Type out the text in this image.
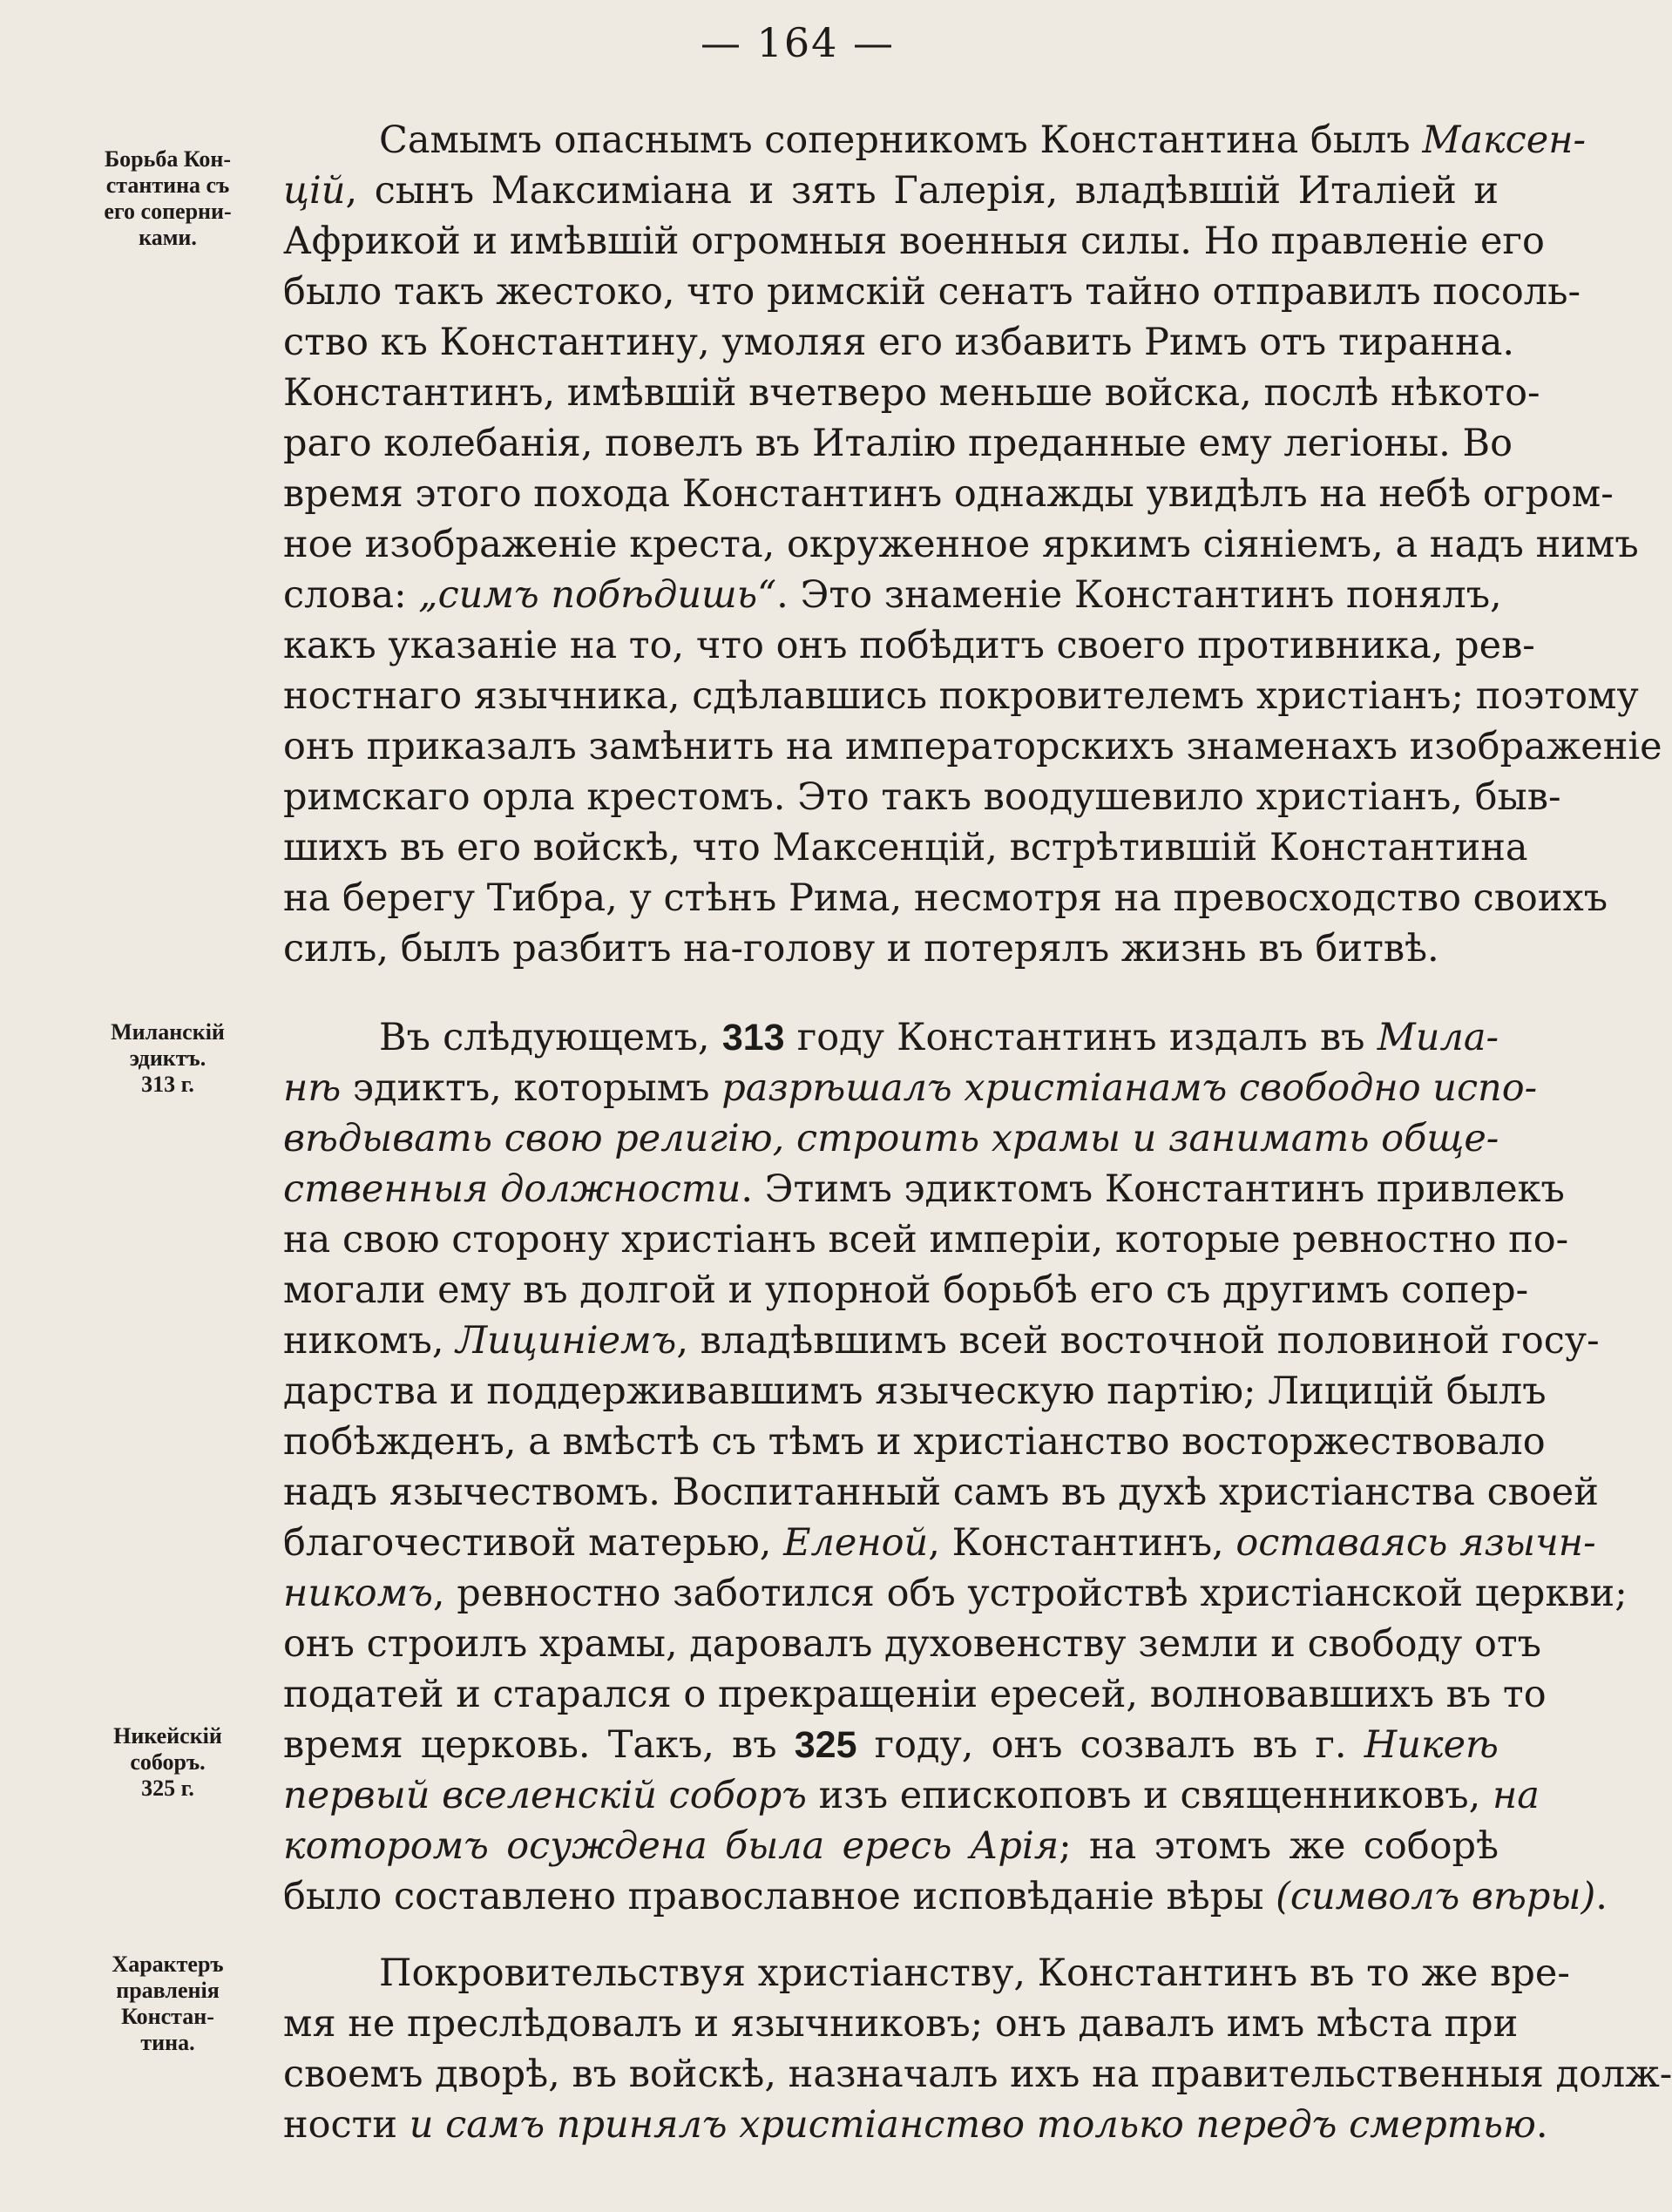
— 164 —
Борьба Кон-
стантина съ
его соперни-
ками.
Миланскій
эдиктъ.
313 г.
Никейскій
соборъ.
325 г.
Характеръ
правленія
Констан-
тина.
Самымъ опаснымъ соперникомъ Константина былъ Максен-
цій, сынъ Максиміана и зять Галерія, владѣвшій Италіей и
Африкой и имѣвшій огромныя военныя силы. Но правленіе его
было такъ жестоко, что римскій сенатъ тайно отправилъ посоль-
ство къ Константину, умоляя его избавить Римъ отъ тиранна.
Константинъ, имѣвшій вчетверо меньше войска, послѣ нѣкото-
раго колебанія, повелъ въ Италію преданные ему легіоны. Во
время этого похода Константинъ однажды увидѣлъ на небѣ огром-
ное изображеніе креста, окруженное яркимъ сіяніемъ, а надъ нимъ
слова: „симъ побѣдишь“. Это знаменіе Константинъ понялъ,
какъ указаніе на то, что онъ побѣдитъ своего противника, рев-
ностнаго язычника, сдѣлавшись покровителемъ христіанъ; поэтому
онъ приказалъ замѣнить на императорскихъ знаменахъ изображеніе
римскаго орла крестомъ. Это такъ воодушевило христіанъ, быв-
шихъ въ его войскѣ, что Максенцій, встрѣтившій Константина
на берегу Тибра, у стѣнъ Рима, несмотря на превосходство своихъ
силъ, былъ разбитъ на-голову и потерялъ жизнь въ битвѣ.
Въ слѣдующемъ, 313 году Константинъ издалъ въ Мила-
нѣ эдиктъ, которымъ разрѣшалъ христіанамъ свободно испо-
вѣдывать свою религію, строить храмы и занимать обще-
ственныя должности. Этимъ эдиктомъ Константинъ привлекъ
на свою сторону христіанъ всей имперіи, которые ревностно по-
могали ему въ долгой и упорной борьбѣ его съ другимъ сопер-
никомъ, Лициніемъ, владѣвшимъ всей восточной половиной госу-
дарства и поддерживавшимъ языческую партію; Лицицій былъ
побѣжденъ, а вмѣстѣ съ тѣмъ и христіанство восторжествовало
надъ язычествомъ. Воспитанный самъ въ духѣ христіанства своей
благочестивой матерью, Еленой, Константинъ, оставаясь язычн-
никомъ, ревностно заботился объ устройствѣ христіанской церкви;
онъ строилъ храмы, даровалъ духовенству земли и свободу отъ
податей и старался о прекращеніи ересей, волновавшихъ въ то
время церковь. Такъ, въ 325 году, онъ созвалъ въ г. Никеѣ
первый вселенскій соборъ изъ епископовъ и священниковъ, на
которомъ осуждена была ересь Арія; на этомъ же соборѣ
было составлено православное исповѣданіе вѣры (символъ вѣры).
Покровительствуя христіанству, Константинъ въ то же вре-
мя не преслѣдовалъ и язычниковъ; онъ давалъ имъ мѣста при
своемъ дворѣ, въ войскѣ, назначалъ ихъ на правительственныя долж-
ности и самъ принялъ христіанство только передъ смертью.
